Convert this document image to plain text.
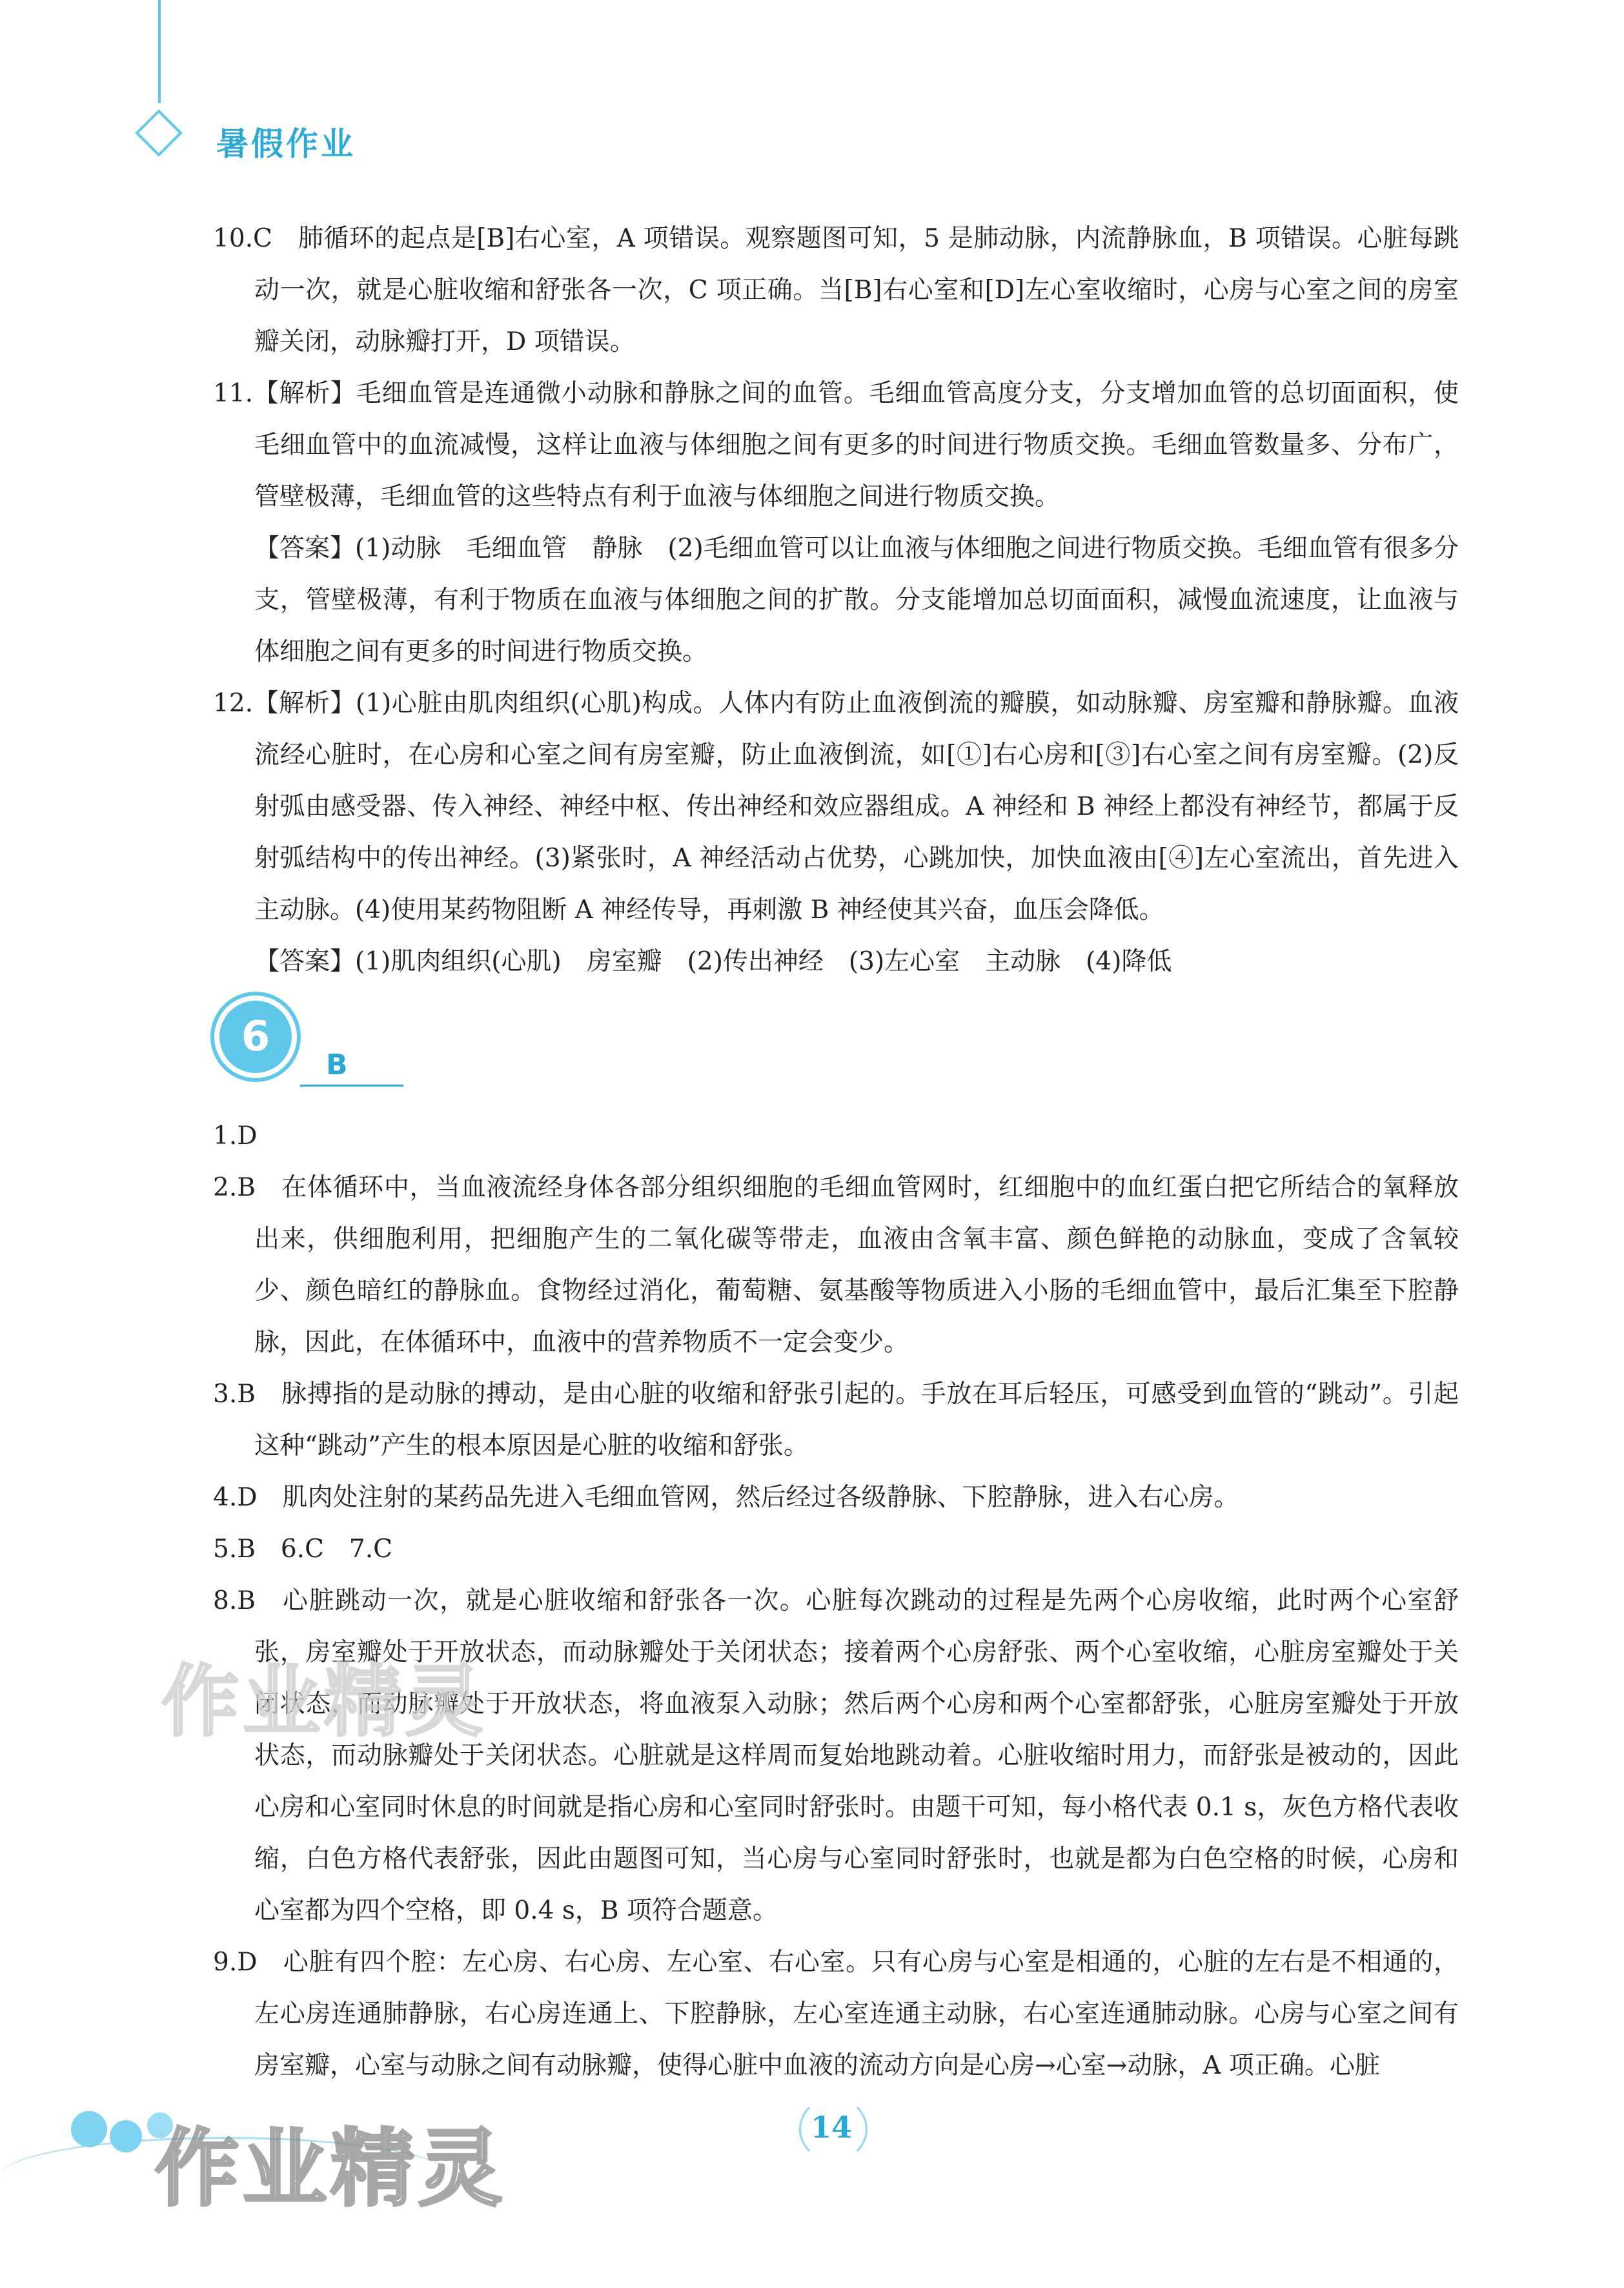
暑假作业
10.C　肺循环的起点是[B]右心室，A 项错误。观察题图可知，5 是肺动脉，内流静脉血，B 项错误。心脏每跳动一次，就是心脏收缩和舒张各一次，C 项正确。当[B]右心室和[D]左心室收缩时，心房与心室之间的房室瓣关闭，动脉瓣打开，D 项错误。
11.【解析】毛细血管是连通微小动脉和静脉之间的血管。毛细血管高度分支，分支增加血管的总切面面积，使毛细血管中的血流减慢，这样让血液与体细胞之间有更多的时间进行物质交换。毛细血管数量多、分布广，管壁极薄，毛细血管的这些特点有利于血液与体细胞之间进行物质交换。
【答案】(1)动脉　毛细血管　静脉　(2)毛细血管可以让血液与体细胞之间进行物质交换。毛细血管有很多分支，管壁极薄，有利于物质在血液与体细胞之间的扩散。分支能增加总切面面积，减慢血流速度，让血液与体细胞之间有更多的时间进行物质交换。
12.【解析】(1)心脏由肌肉组织(心肌)构成。人体内有防止血液倒流的瓣膜，如动脉瓣、房室瓣和静脉瓣。血液流经心脏时，在心房和心室之间有房室瓣，防止血液倒流，如[①]右心房和[③]右心室之间有房室瓣。(2)反射弧由感受器、传入神经、神经中枢、传出神经和效应器组成。A 神经和 B 神经上都没有神经节，都属于反射弧结构中的传出神经。(3)紧张时，A 神经活动占优势，心跳加快，加快血液由[④]左心室流出，首先进入主动脉。(4)使用某药物阻断 A 神经传导，再刺激 B 神经使其兴奋，血压会降低。
【答案】(1)肌肉组织(心肌)　房室瓣　(2)传出神经　(3)左心室　主动脉　(4)降低
6
B
1.D
2.B　在体循环中，当血液流经身体各部分组织细胞的毛细血管网时，红细胞中的血红蛋白把它所结合的氧释放出来，供细胞利用，把细胞产生的二氧化碳等带走，血液由含氧丰富、颜色鲜艳的动脉血，变成了含氧较少、颜色暗红的静脉血。食物经过消化，葡萄糖、氨基酸等物质进入小肠的毛细血管中，最后汇集至下腔静脉，因此，在体循环中，血液中的营养物质不一定会变少。
3.B　脉搏指的是动脉的搏动，是由心脏的收缩和舒张引起的。手放在耳后轻压，可感受到血管的“跳动”。引起这种“跳动”产生的根本原因是心脏的收缩和舒张。
4.D　肌肉处注射的某药品先进入毛细血管网，然后经过各级静脉、下腔静脉，进入右心房。
5.B　6.C　7.C
8.B　心脏跳动一次，就是心脏收缩和舒张各一次。心脏每次跳动的过程是先两个心房收缩，此时两个心室舒张，房室瓣处于开放状态，而动脉瓣处于关闭状态；接着两个心房舒张、两个心室收缩，心脏房室瓣处于关闭状态，而动脉瓣处于开放状态，将血液泵入动脉；然后两个心房和两个心室都舒张，心脏房室瓣处于开放状态，而动脉瓣处于关闭状态。心脏就是这样周而复始地跳动着。心脏收缩时用力，而舒张是被动的，因此心房和心室同时休息的时间就是指心房和心室同时舒张时。由题干可知，每小格代表 0.1 s，灰色方格代表收缩，白色方格代表舒张，因此由题图可知，当心房与心室同时舒张时，也就是都为白色空格的时候，心房和心室都为四个空格，即 0.4 s，B 项符合题意。
9.D　心脏有四个腔：左心房、右心房、左心室、右心室。只有心房与心室是相通的，心脏的左右是不相通的，左心房连通肺静脉，右心房连通上、下腔静脉，左心室连通主动脉，右心室连通肺动脉。心房与心室之间有房室瓣，心室与动脉之间有动脉瓣，使得心脏中血液的流动方向是心房→心室→动脉，A 项正确。心脏
作业精灵
作业精灵	14
